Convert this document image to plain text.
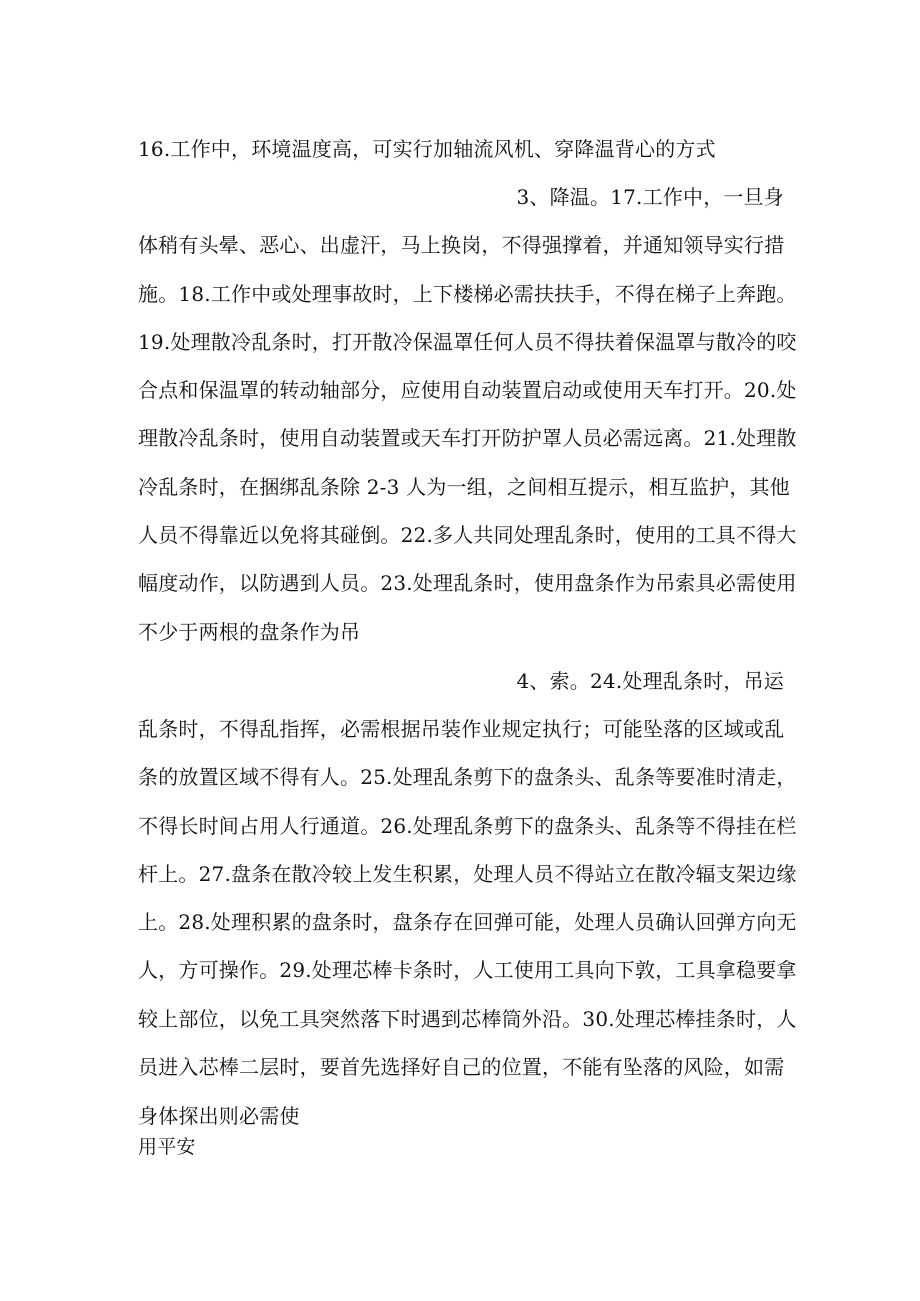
16.工作中，环境温度高，可实行加轴流风机、穿降温背心的方式
3、降温。17.工作中，一旦身
体稍有头晕、恶心、出虚汗，马上换岗，不得强撑着，并通知领导实行措
施。18.工作中或处理事故时，上下楼梯必需扶扶手，不得在梯子上奔跑。
19.处理散冷乱条时，打开散冷保温罩任何人员不得扶着保温罩与散冷的咬
合点和保温罩的转动轴部分，应使用自动装置启动或使用天车打开。20.处
理散冷乱条时，使用自动装置或天车打开防护罩人员必需远离。21.处理散
冷乱条时，在捆绑乱条除 2-3 人为一组，之间相互提示，相互监护，其他
人员不得靠近以免将其碰倒。22.多人共同处理乱条时，使用的工具不得大
幅度动作，以防遇到人员。23.处理乱条时，使用盘条作为吊索具必需使用
不少于两根的盘条作为吊
4、索。24.处理乱条时，吊运
乱条时，不得乱指挥，必需根据吊装作业规定执行；可能坠落的区域或乱
条的放置区域不得有人。25.处理乱条剪下的盘条头、乱条等要准时清走，
不得长时间占用人行通道。26.处理乱条剪下的盘条头、乱条等不得挂在栏
杆上。27.盘条在散冷较上发生积累，处理人员不得站立在散冷辐支架边缘
上。28.处理积累的盘条时，盘条存在回弹可能，处理人员确认回弹方向无
人，方可操作。29.处理芯棒卡条时，人工使用工具向下敦，工具拿稳要拿
较上部位，以免工具突然落下时遇到芯棒筒外沿。30.处理芯棒挂条时，人
员进入芯棒二层时，要首先选择好自己的位置，不能有坠落的风险，如需
身体探出则必需使
用平安
